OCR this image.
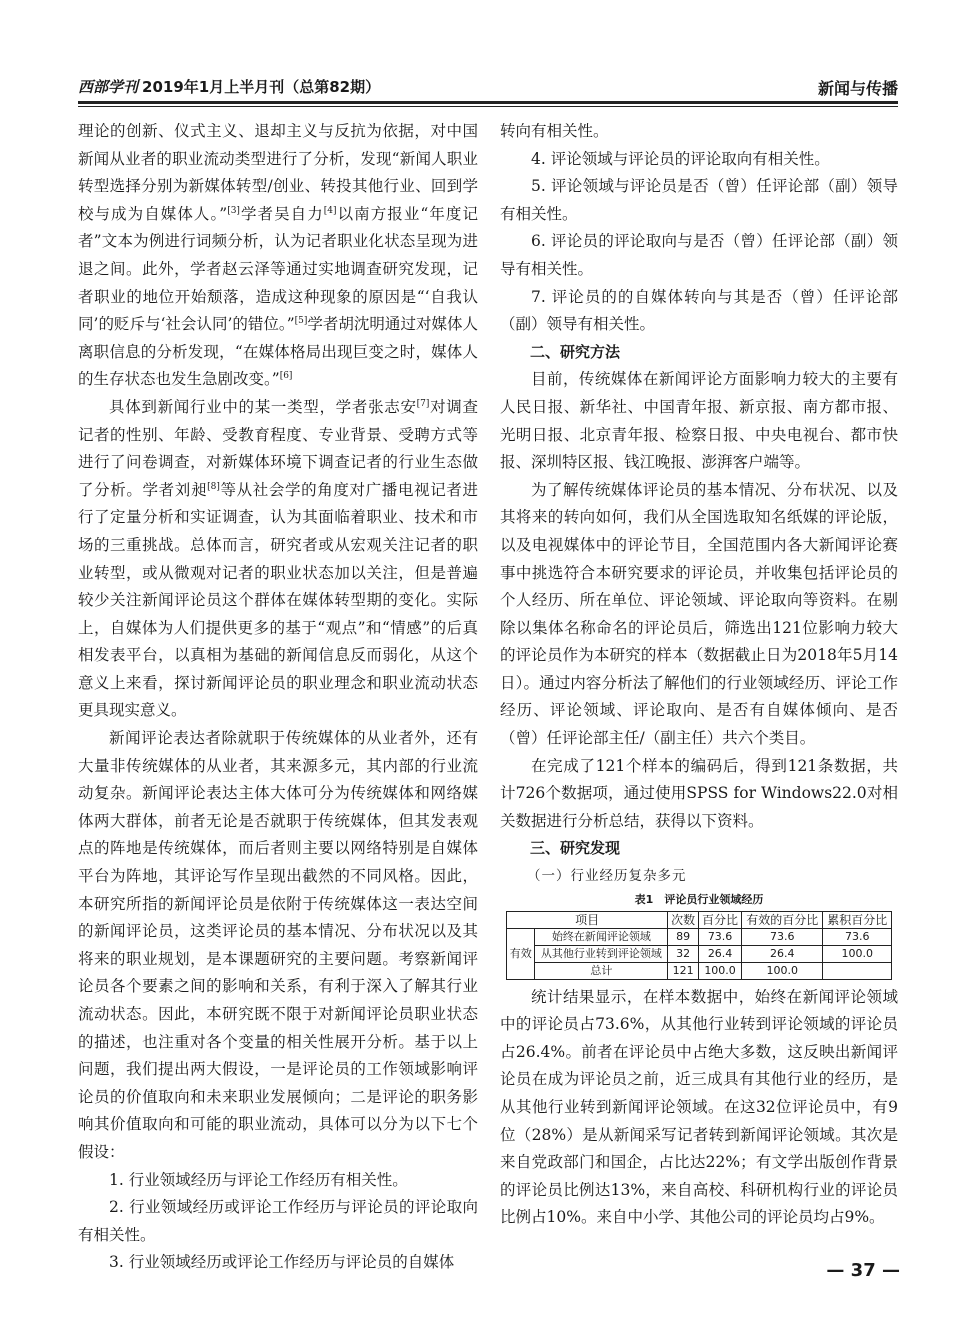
西部学刊 2019年1月上半月刊（总第82期）	新闻与传播

理论的创新、仪式主义、退却主义与反抗为依据，对中国新闻从业者的职业流动类型进行了分析，发现“新闻人职业转型选择分别为新媒体转型/创业、转投其他行业、回到学校与成为自媒体人。”[3]学者吴自力[4]以南方报业“年度记者”文本为例进行词频分析，认为记者职业化状态呈现为进退之间。此外，学者赵云泽等通过实地调查研究发现，记者职业的地位开始颓落，造成这种现象的原因是“‘自我认同’的贬斥与‘社会认同’的错位。”[5]学者胡沈明通过对媒体人离职信息的分析发现，“在媒体格局出现巨变之时，媒体人的生存状态也发生急剧改变。”[6]

具体到新闻行业中的某一类型，学者张志安[7]对调查记者的性别、年龄、受教育程度、专业背景、受聘方式等进行了问卷调查，对新媒体环境下调查记者的行业生态做了分析。学者刘昶[8]等从社会学的角度对广播电视记者进行了定量分析和实证调查，认为其面临着职业、技术和市场的三重挑战。总体而言，研究者或从宏观关注记者的职业转型，或从微观对记者的职业状态加以关注，但是普遍较少关注新闻评论员这个群体在媒体转型期的变化。实际上，自媒体为人们提供更多的基于“观点”和“情感”的后真相发表平台，以真相为基础的新闻信息反而弱化，从这个意义上来看，探讨新闻评论员的职业理念和职业流动状态更具现实意义。

新闻评论表达者除就职于传统媒体的从业者外，还有大量非传统媒体的从业者，其来源多元，其内部的行业流动复杂。新闻评论表达主体大体可分为传统媒体和网络媒体两大群体，前者无论是否就职于传统媒体，但其发表观点的阵地是传统媒体，而后者则主要以网络特别是自媒体平台为阵地，其评论写作呈现出截然的不同风格。因此，本研究所指的新闻评论员是依附于传统媒体这一表达空间的新闻评论员，这类评论员的基本情况、分布状况以及其将来的职业规划，是本课题研究的主要问题。考察新闻评论员各个要素之间的影响和关系，有利于深入了解其行业流动状态。因此，本研究既不限于对新闻评论员职业状态的描述，也注重对各个变量的相关性展开分析。基于以上问题，我们提出两大假设，一是评论员的工作领域影响评论员的价值取向和未来职业发展倾向；二是评论的职务影响其价值取向和可能的职业流动，具体可以分为以下七个假设：

1. 行业领域经历与评论工作经历有相关性。

2. 行业领域经历或评论工作经历与评论员的评论取向有相关性。

3. 行业领域经历或评论工作经历与评论员的自媒体

转向有相关性。

4. 评论领域与评论员的评论取向有相关性。

5. 评论领域与评论员是否（曾）任评论部（副）领导有相关性。

6. 评论员的评论取向与是否（曾）任评论部（副）领导有相关性。

7. 评论员的的自媒体转向与其是否（曾）任评论部（副）领导有相关性。

二、研究方法

目前，传统媒体在新闻评论方面影响力较大的主要有人民日报、新华社、中国青年报、新京报、南方都市报、光明日报、北京青年报、检察日报、中央电视台、都市快报、深圳特区报、钱江晚报、澎湃客户端等。

为了解传统媒体评论员的基本情况、分布状况、以及其将来的转向如何，我们从全国选取知名纸媒的评论版，以及电视媒体中的评论节目，全国范围内各大新闻评论赛事中挑选符合本研究要求的评论员，并收集包括评论员的个人经历、所在单位、评论领域、评论取向等资料。在剔除以集体名称命名的评论员后，筛选出121位影响力较大的评论员作为本研究的样本（数据截止日为2018年5月14日）。通过内容分析法了解他们的行业领域经历、评论工作经历、评论领域、评论取向、是否有自媒体倾向、是否（曾）任评论部主任/（副主任）共六个类目。

在完成了121个样本的编码后，得到121条数据，共计726个数据项，通过使用SPSS for Windows22.0对相关数据进行分析总结，获得以下资料。

三、研究发现

（一）行业经历复杂多元

表1　评论员行业领域经历
项目		次数	百分比	有效的百分比	累积百分比
有效	始终在新闻评论领域	89	73.6	73.6	73.6
	从其他行业转到评论领域	32	26.4	26.4	100.0
	总计	121	100.0	100.0	

统计结果显示，在样本数据中，始终在新闻评论领域中的评论员占73.6%，从其他行业转到评论领域的评论员占26.4%。前者在评论员中占绝大多数，这反映出新闻评论员在成为评论员之前，近三成具有其他行业的经历，是从其他行业转到新闻评论领域。在这32位评论员中，有9位（28%）是从新闻采写记者转到新闻评论领域。其次是来自党政部门和国企，占比达22%；有文学出版创作背景的评论员比例达13%，来自高校、科研机构行业的评论员比例占10%。来自中小学、其他公司的评论员均占9%。

— 37 —
